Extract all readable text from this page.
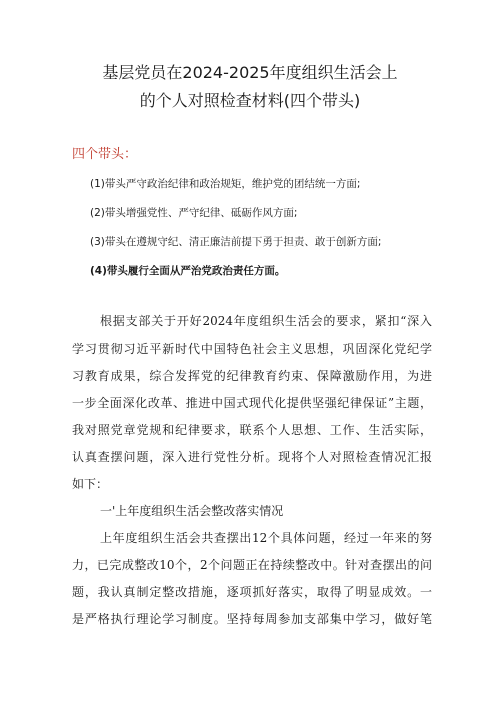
基层党员在2024-2025年度组织生活会上
的个人对照检查材料(四个带头)
四个带头：
(1)带头严守政治纪律和政治规矩，维护党的团结统一方面;
(2)带头增强党性、严守纪律、砥砺作风方面;
(3)带头在遵规守纪、清正廉洁前提下勇于担责、敢于创新方面;
(4)带头履行全面从严治党政治责任方面。
根据支部关于开好2024年度组织生活会的要求，紧扣“深入
学习贯彻习近平新时代中国特色社会主义思想，巩固深化党纪学
习教育成果，综合发挥党的纪律教育约束、保障激励作用，为进
一步全面深化改革、推进中国式现代化提供坚强纪律保证”主题，
我对照党章党规和纪律要求，联系个人思想、工作、生活实际，
认真查摆问题，深入进行党性分析。现将个人对照检查情况汇报
如下：
一'上年度组织生活会整改落实情况
上年度组织生活会共查摆出12个具体问题，经过一年来的努
力，已完成整改10个，2个问题正在持续整改中。针对查摆出的问
题，我认真制定整改措施，逐项抓好落实，取得了明显成效。一
是严格执行理论学习制度。坚持每周参加支部集中学习，做好笔
